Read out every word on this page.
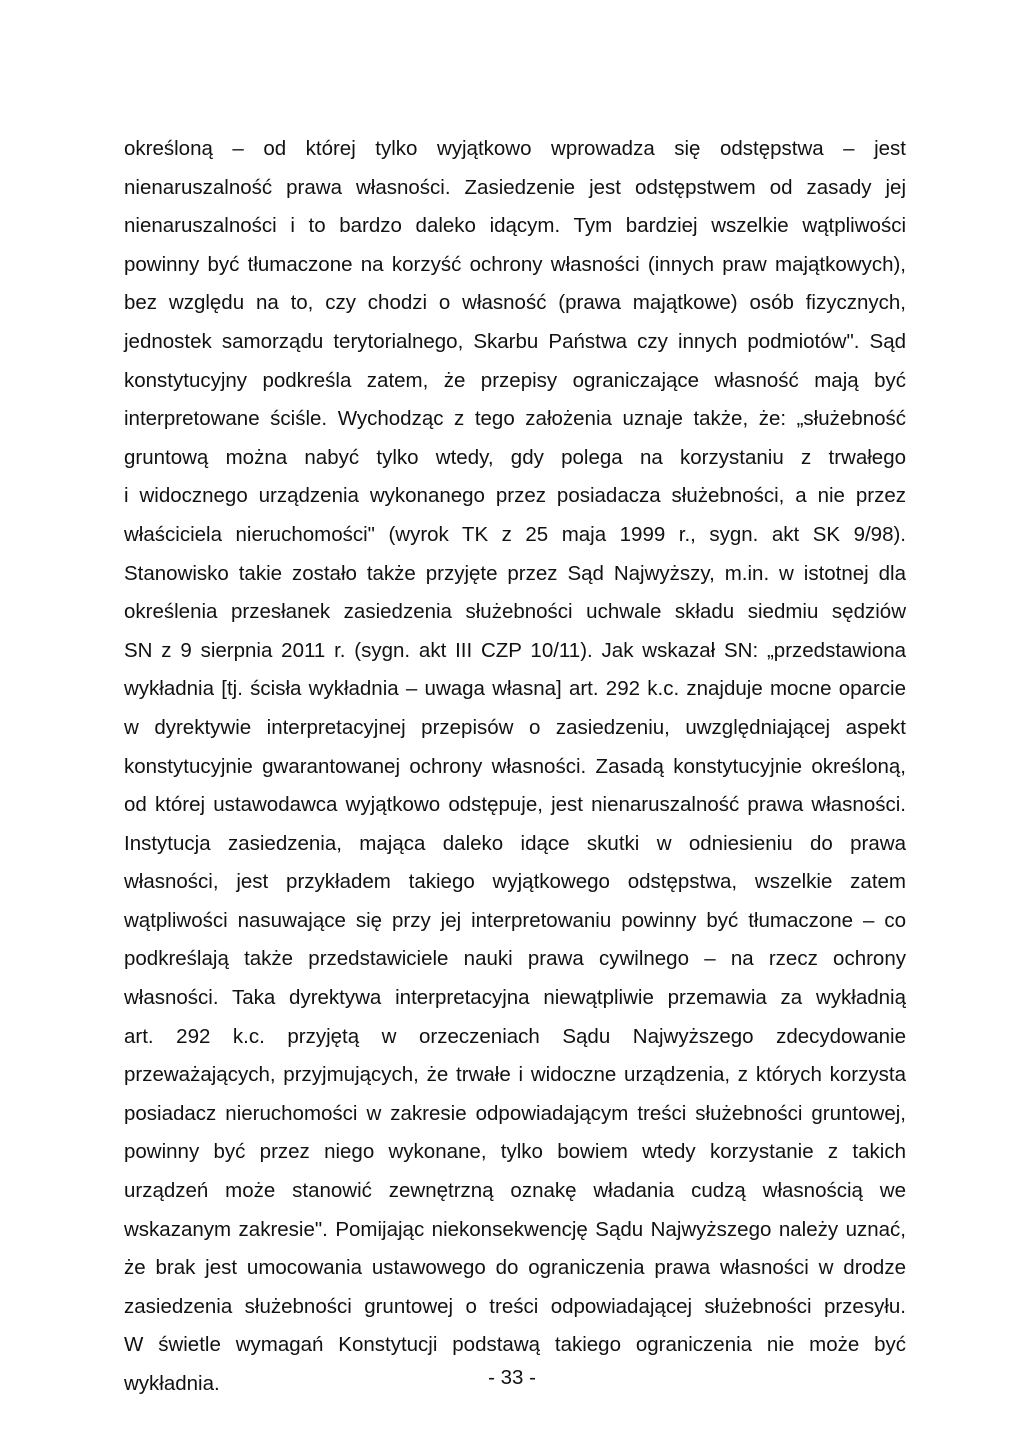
określoną – od której tylko wyjątkowo wprowadza się odstępstwa – jest
nienaruszalność prawa własności. Zasiedzenie jest odstępstwem od zasady jej
nienaruszalności i to bardzo daleko idącym. Tym bardziej wszelkie wątpliwości
powinny być tłumaczone na korzyść ochrony własności (innych praw majątkowych),
bez względu na to, czy chodzi o własność (prawa majątkowe) osób fizycznych,
jednostek samorządu terytorialnego, Skarbu Państwa czy innych podmiotów". Sąd
konstytucyjny podkreśla zatem, że przepisy ograniczające własność mają być
interpretowane ściśle. Wychodząc z tego założenia uznaje także, że: „służebność
gruntową można nabyć tylko wtedy, gdy polega na korzystaniu z trwałego
i widocznego urządzenia wykonanego przez posiadacza służebności, a nie przez
właściciela nieruchomości" (wyrok TK z 25 maja 1999 r., sygn. akt SK 9/98).
Stanowisko takie zostało także przyjęte przez Sąd Najwyższy, m.in. w istotnej dla
określenia przesłanek zasiedzenia służebności uchwale składu siedmiu sędziów
SN z 9 sierpnia 2011 r. (sygn. akt III CZP 10/11). Jak wskazał SN: „przedstawiona
wykładnia [tj. ścisła wykładnia – uwaga własna] art. 292 k.c. znajduje mocne oparcie
w dyrektywie interpretacyjnej przepisów o zasiedzeniu, uwzględniającej aspekt
konstytucyjnie gwarantowanej ochrony własności. Zasadą konstytucyjnie określoną,
od której ustawodawca wyjątkowo odstępuje, jest nienaruszalność prawa własności.
Instytucja zasiedzenia, mająca daleko idące skutki w odniesieniu do prawa
własności, jest przykładem takiego wyjątkowego odstępstwa, wszelkie zatem
wątpliwości nasuwające się przy jej interpretowaniu powinny być tłumaczone – co
podkreślają także przedstawiciele nauki prawa cywilnego – na rzecz ochrony
własności. Taka dyrektywa interpretacyjna niewątpliwie przemawia za wykładnią
art. 292 k.c. przyjętą w orzeczeniach Sądu Najwyższego zdecydowanie
przeważających, przyjmujących, że trwałe i widoczne urządzenia, z których korzysta
posiadacz nieruchomości w zakresie odpowiadającym treści służebności gruntowej,
powinny być przez niego wykonane, tylko bowiem wtedy korzystanie z takich
urządzeń może stanowić zewnętrzną oznakę władania cudzą własnością we
wskazanym zakresie". Pomijając niekonsekwencję Sądu Najwyższego należy uznać,
że brak jest umocowania ustawowego do ograniczenia prawa własności w drodze
zasiedzenia służebności gruntowej o treści odpowiadającej służebności przesyłu.
W świetle wymagań Konstytucji podstawą takiego ograniczenia nie może być
wykładnia.	- 33 -
